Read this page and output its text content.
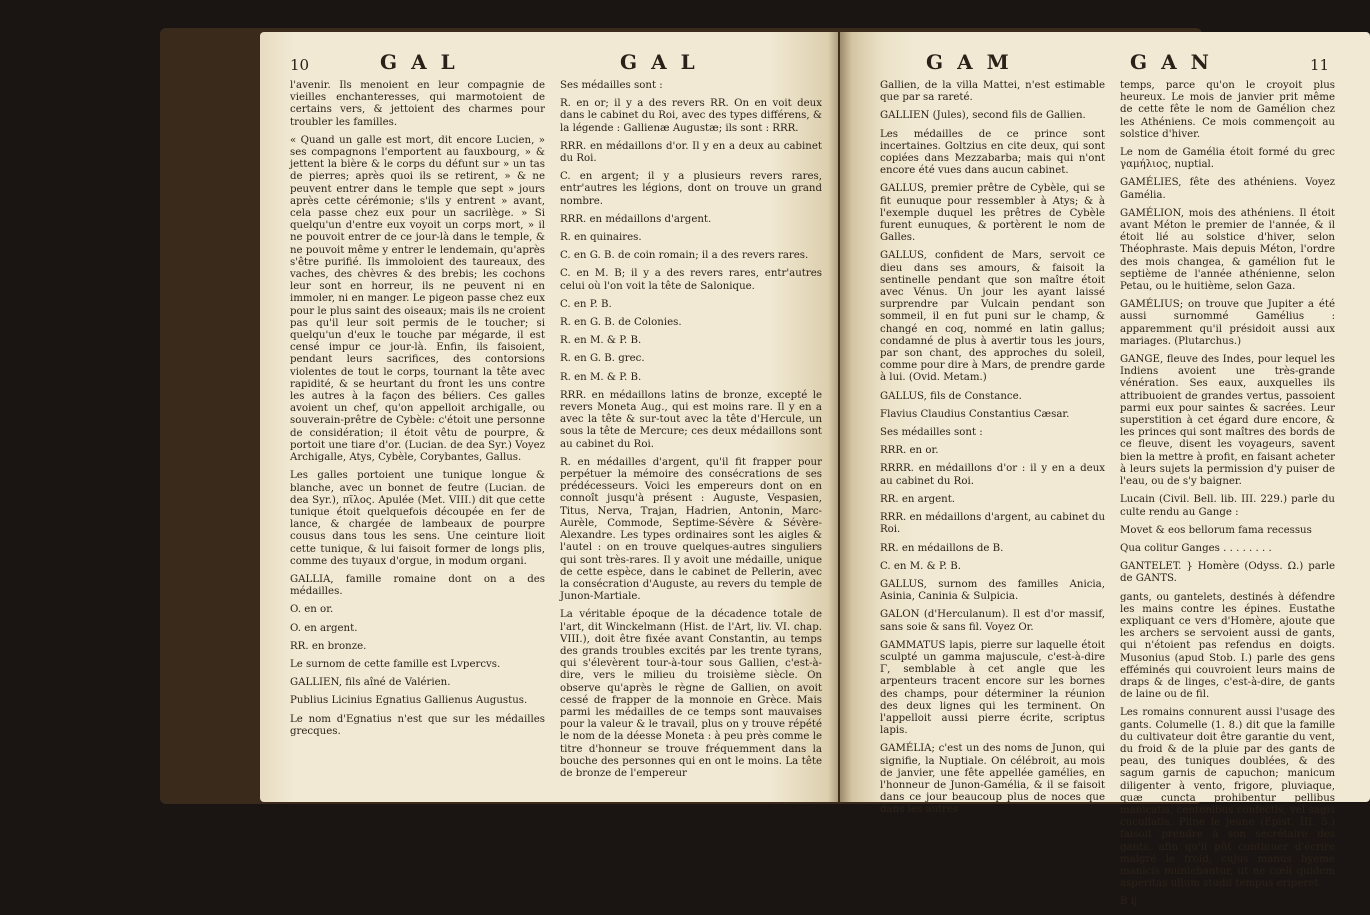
10	GAL	GAL

l'avenir. Ils menoient en leur compagnie de vieilles enchanteresses, qui marmotoient de certains vers, & jettoient des charmes pour troubler les familles.

« Quand un galle est mort, dit encore Lucien, » ses compagnons l'emportent au fauxbourg, » & jettent la bière & le corps du défunt sur » un tas de pierres; après quoi ils se retirent, » & ne peuvent entrer dans le temple que sept » jours après cette cérémonie; s'ils y entrent » avant, cela passe chez eux pour un sacrilège. » Si quelqu'un d'entre eux voyoit un corps mort, » il ne pouvoit entrer de ce jour-là dans le temple, & ne pouvoit même y entrer le lendemain, qu'après s'être purifié. Ils immoloient des taureaux, des vaches, des chèvres & des brebis; les cochons leur sont en horreur, ils ne peuvent ni en immoler, ni en manger. Le pigeon passe chez eux pour le plus saint des oiseaux; mais ils ne croient pas qu'il leur soit permis de le toucher; si quelqu'un d'eux le touche par mégarde, il est censé impur ce jour-là. Enfin, ils faisoient, pendant leurs sacrifices, des contorsions violentes de tout le corps, tournant la tête avec rapidité, & se heurtant du front les uns contre les autres à la façon des béliers. Ces galles avoient un chef, qu'on appelloit archigalle, ou souverain-prêtre de Cybèle: c'étoit une personne de considération; il étoit vêtu de pourpre, & portoit une tiare d'or. (Lucian. de dea Syr.) Voyez Archigalle, Atys, Cybèle, Corybantes, Gallus.

Les galles portoient une tunique longue & blanche, avec un bonnet de feutre (Lucian. de dea Syr.), πῖλος. Apulée (Met. VIII.) dit que cette tunique étoit quelquefois découpée en fer de lance, & chargée de lambeaux de pourpre cousus dans tous les sens. Une ceinture lioit cette tunique, & lui faisoit former de longs plis, comme des tuyaux d'orgue, in modum organi.

GALLIA, famille romaine dont on a des médailles.

O. en or.

O. en argent.

RR. en bronze.

Le surnom de cette famille est Lvpercvs.

GALLIEN, fils aîné de Valérien.

Publius Licinius Egnatius Gallienus Augustus.

Le nom d'Egnatius n'est que sur les médailles grecques.

Ses médailles sont :

R. en or; il y a des revers RR. On en voit deux dans le cabinet du Roi, avec des types différens, & la légende : Gallienæ Augustæ; ils sont : RRR.

RRR. en médaillons d'or. Il y en a deux au cabinet du Roi.

C. en argent; il y a plusieurs revers rares, entr'autres les légions, dont on trouve un grand nombre.

RRR. en médaillons d'argent.

R. en quinaires.

C. en G. B. de coin romain; il a des revers rares.

C. en M. B; il y a des revers rares, entr'autres celui où l'on voit la tête de Salonique.

C. en P. B.

R. en G. B. de Colonies.

R. en M. & P. B.

R. en G. B. grec.

R. en M. & P. B.

RRR. en médaillons latins de bronze, excepté le revers Moneta Aug., qui est moins rare. Il y en a avec la tête & sur-tout avec la tête d'Hercule, un sous la tête de Mercure; ces deux médaillons sont au cabinet du Roi.

R. en médailles d'argent, qu'il fit frapper pour perpétuer la mémoire des consécrations de ses prédécesseurs. Voici les empereurs dont on en connoît jusqu'à présent : Auguste, Vespasien, Titus, Nerva, Trajan, Hadrien, Antonin, Marc-Aurèle, Commode, Septime-Sévère & Sévère-Alexandre. Les types ordinaires sont les aigles & l'autel : on en trouve quelques-autres singuliers qui sont très-rares. Il y avoit une médaille, unique de cette espèce, dans le cabinet de Pellerin, avec la consécration d'Auguste, au revers du temple de Junon-Martiale.

La véritable époque de la décadence totale de l'art, dit Winckelmann (Hist. de l'Art, liv. VI. chap. VIII.), doit être fixée avant Constantin, au temps des grands troubles excités par les trente tyrans, qui s'élevèrent tour-à-tour sous Gallien, c'est-à-dire, vers le milieu du troisième siècle. On observe qu'après le règne de Gallien, on avoit cessé de frapper de la monnoie en Grèce. Mais parmi les médailles de ce temps sont mauvaises pour la valeur & le travail, plus on y trouve répété le nom de la déesse Moneta : à peu près comme le titre d'honneur se trouve fréquemment dans la bouche des personnes qui en ont le moins. La tête de bronze de l'empereur

GAM	GAN	11

Gallien, de la villa Mattei, n'est estimable que par sa rareté.

GALLIEN (Jules), second fils de Gallien.

Les médailles de ce prince sont incertaines. Goltzius en cite deux, qui sont copiées dans Mezzabarba; mais qui n'ont encore été vues dans aucun cabinet.

GALLUS, premier prêtre de Cybèle, qui se fit eunuque pour ressembler à Atys; & à l'exemple duquel les prêtres de Cybèle furent eunuques, & portèrent le nom de Galles.

GALLUS, confident de Mars, servoit ce dieu dans ses amours, & faisoit la sentinelle pendant que son maître étoit avec Vénus. Un jour les ayant laissé surprendre par Vulcain pendant son sommeil, il en fut puni sur le champ, & changé en coq, nommé en latin gallus; condamné de plus à avertir tous les jours, par son chant, des approches du soleil, comme pour dire à Mars, de prendre garde à lui. (Ovid. Metam.)

GALLUS, fils de Constance.

Flavius Claudius Constantius Cæsar.

Ses médailles sont :

RRR. en or.

RRRR. en médaillons d'or : il y en a deux au cabinet du Roi.

RR. en argent.

RRR. en médaillons d'argent, au cabinet du Roi.

RR. en médaillons de B.

C. en M. & P. B.

GALLUS, surnom des familles Anicia, Asinia, Caninia & Sulpicia.

GALON (d'Herculanum). Il est d'or massif, sans soie & sans fil. Voyez Or.

GAMMATUS lapis, pierre sur laquelle étoit sculpté un gamma majuscule, c'est-à-dire Γ, semblable à cet angle que les arpenteurs tracent encore sur les bornes des champs, pour déterminer la réunion des deux lignes qui les terminent. On l'appelloit aussi pierre écrite, scriptus lapis.

GAMÉLIA; c'est un des noms de Junon, qui signifie, la Nuptiale. On célébroit, au mois de janvier, une fête appellée gamélies, en l'honneur de Junon-Gamélia, & il se faisoit dans ce jour beaucoup plus de noces que dans les autres

temps, parce qu'on le croyoit plus heureux. Le mois de janvier prit même de cette fête le nom de Gamélion chez les Athéniens. Ce mois commençoit au solstice d'hiver.

Le nom de Gamélia étoit formé du grec γαμήλιος, nuptial.

GAMÉLIES, fête des athéniens. Voyez Gamélia.

GAMÉLION, mois des athéniens. Il étoit avant Méton le premier de l'année, & il étoit lié au solstice d'hiver, selon Théophraste. Mais depuis Méton, l'ordre des mois changea, & gamélion fut le septième de l'année athénienne, selon Petau, ou le huitième, selon Gaza.

GAMÉLIUS; on trouve que Jupiter a été aussi surnommé Gamélius : apparemment qu'il présidoit aussi aux mariages. (Plutarchus.)

GANGE, fleuve des Indes, pour lequel les Indiens avoient une très-grande vénération. Ses eaux, auxquelles ils attribuoient de grandes vertus, passoient parmi eux pour saintes & sacrées. Leur superstition à cet égard dure encore, & les princes qui sont maîtres des bords de ce fleuve, disent les voyageurs, savent bien la mettre à profit, en faisant acheter à leurs sujets la permission d'y puiser de l'eau, ou de s'y baigner.

Lucain (Civil. Bell. lib. III. 229.) parle du culte rendu au Gange :

Movet & eos bellorum fama recessus

Qua colitur Ganges . . . . . . . .

GANTELET. } Homère (Odyss. Ω.) parle de GANTS.

gants, ou gantelets, destinés à défendre les mains contre les épines. Eustathe expliquant ce vers d'Homère, ajoute que les archers se servoient aussi de gants, qui n'étoient pas refendus en doigts. Musonius (apud Stob. I.) parle des gens efféminés qui couvroient leurs mains de draps & de linges, c'est-à-dire, de gants de laine ou de fil.

Les romains connurent aussi l'usage des gants. Columelle (1. 8.) dit que la famille du cultivateur doit être garantie du vent, du froid & de la pluie par des gants de peau, des tuniques doublées, & des sagum garnis de capuchon; manicum diligenter à vento, frigore, pluviaque, quæ cuncta prohibentur pellibus manicatis, centonibus confectis, vel sagis cucullatis. Pline le jeune (Epist. III. 5.) faisoit prendre à son secrétaire des gants, afin qu'il pût continuer d'écrire malgré le froid, cujus manus hyeme manicis muniebantur, ut ne cœli quidem asperitas ullum studii tempus eriperet.

B ij
